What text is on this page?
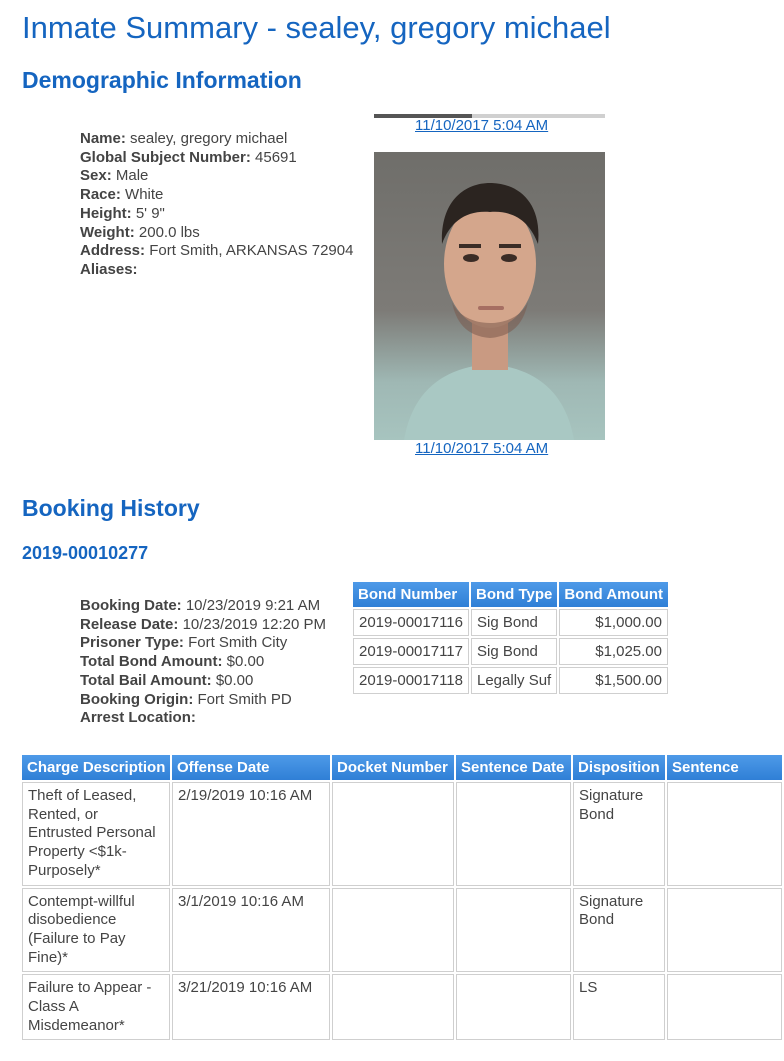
Inmate Summary - sealey, gregory michael
Demographic Information
Name: sealey, gregory michael
Global Subject Number: 45691
Sex: Male
Race: White
Height: 5' 9"
Weight: 200.0 lbs
Address: Fort Smith, ARKANSAS 72904
Aliases:
11/10/2017 5:04 AM
11/10/2017 5:04 AM
Booking History
2019-00010277
Booking Date: 10/23/2019 9:21 AM
Release Date: 10/23/2019 12:20 PM
Prisoner Type: Fort Smith City
Total Bond Amount: $0.00
Total Bail Amount: $0.00
Booking Origin: Fort Smith PD
Arrest Location:
Bond Number	Bond Type	Bond Amount
2019-00017116	Sig Bond	$1,000.00
2019-00017117	Sig Bond	$1,025.00
2019-00017118	Legally Suf	$1,500.00
Charge Description	Offense Date	Docket Number	Sentence Date	Disposition	Sentence
Theft of Leased, Rented, or Entrusted Personal Property <$1k- Purposely*	2/19/2019 10:16 AM			Signature Bond	
Contempt-willful disobedience (Failure to Pay Fine)*	3/1/2019 10:16 AM			Signature Bond	
Failure to Appear - Class A Misdemeanor*	3/21/2019 10:16 AM			LS	
